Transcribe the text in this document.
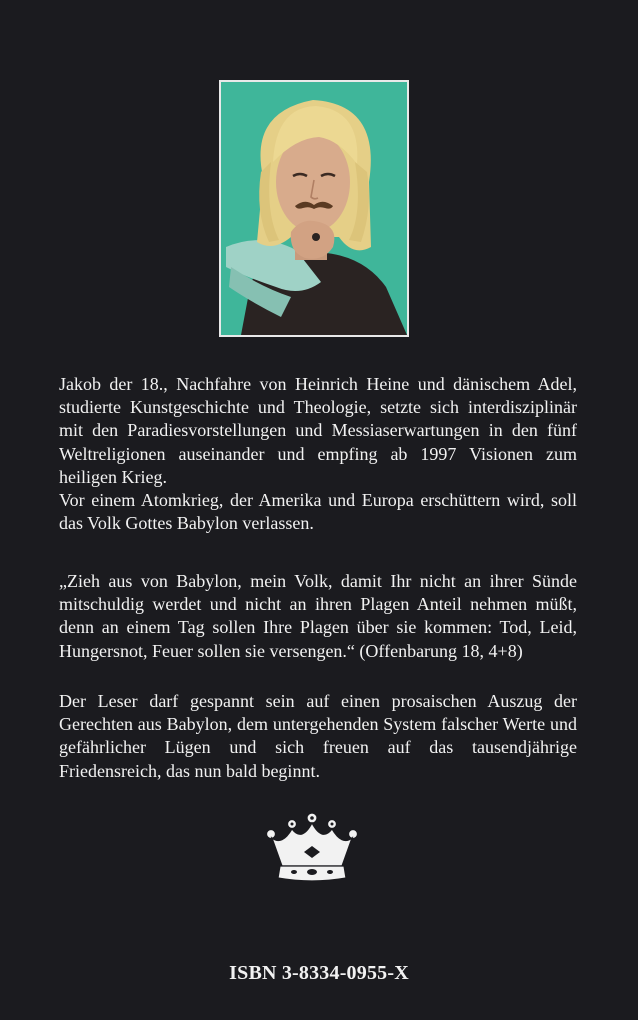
Jakob der 18., Nachfahre von Heinrich Heine und dänischem Adel, studierte Kunstgeschichte und Theologie, setzte sich interdisziplinär mit den Paradiesvorstellungen und Messiaserwartungen in den fünf Weltreligionen auseinander und empfing ab 1997 Visionen zum heiligen Krieg.

Vor einem Atomkrieg, der Amerika und Europa erschüttern wird, soll das Volk Gottes Babylon verlassen.

„Zieh aus von Babylon, mein Volk, damit Ihr nicht an ihrer Sünde mitschuldig werdet und nicht an ihren Plagen Anteil nehmen müßt, denn an einem Tag sollen Ihre Plagen über sie kommen: Tod, Leid, Hungersnot, Feuer sollen sie versengen.“ (Offenbarung 18, 4+8)

Der Leser darf gespannt sein auf einen prosaischen Auszug der Gerechten aus Babylon, dem untergehenden System falscher Werte und gefährlicher Lügen und sich freuen auf das tausendjährige Friedensreich, das nun bald beginnt.

ISBN 3-8334-0955-X
